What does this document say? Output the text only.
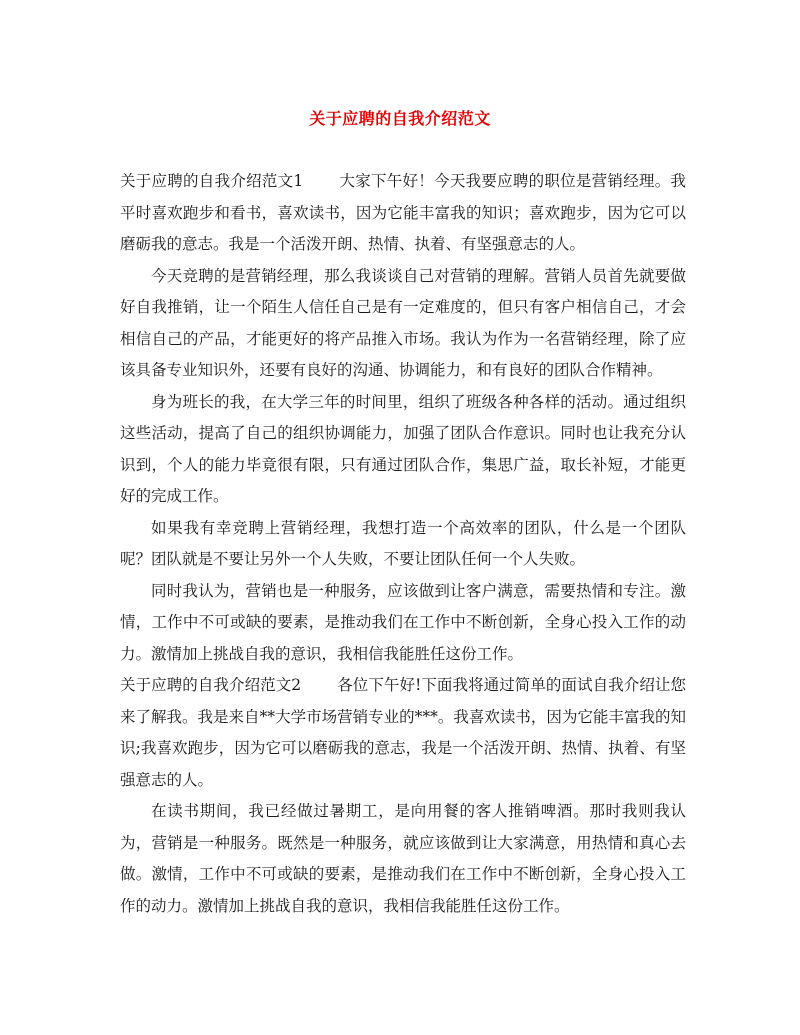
关于应聘的自我介绍范文

关于应聘的自我介绍范文1 大家下午好！今天我要应聘的职位是营销经理。我平时喜欢跑步和看书，喜欢读书，因为它能丰富我的知识；喜欢跑步，因为它可以磨砺我的意志。我是一个活泼开朗、热情、执着、有坚强意志的人。

今天竞聘的是营销经理，那么我谈谈自己对营销的理解。营销人员首先就要做好自我推销，让一个陌生人信任自己是有一定难度的，但只有客户相信自己，才会相信自己的产品，才能更好的将产品推入市场。我认为作为一名营销经理，除了应该具备专业知识外，还要有良好的沟通、协调能力，和有良好的团队合作精神。

身为班长的我，在大学三年的时间里，组织了班级各种各样的活动。通过组织这些活动，提高了自己的组织协调能力，加强了团队合作意识。同时也让我充分认识到，个人的能力毕竟很有限，只有通过团队合作，集思广益，取长补短，才能更好的完成工作。

如果我有幸竞聘上营销经理，我想打造一个高效率的团队，什么是一个团队呢？团队就是不要让另外一个人失败，不要让团队任何一个人失败。

同时我认为，营销也是一种服务，应该做到让客户满意，需要热情和专注。激情，工作中不可或缺的要素，是推动我们在工作中不断创新，全身心投入工作的动力。激情加上挑战自我的意识，我相信我能胜任这份工作。

关于应聘的自我介绍范文2 各位下午好!下面我将通过简单的面试自我介绍让您来了解我。我是来自**大学市场营销专业的***。我喜欢读书，因为它能丰富我的知识;我喜欢跑步，因为它可以磨砺我的意志，我是一个活泼开朗、热情、执着、有坚强意志的人。

在读书期间，我已经做过暑期工，是向用餐的客人推销啤酒。那时我则我认为，营销是一种服务。既然是一种服务，就应该做到让大家满意，用热情和真心去做。激情，工作中不可或缺的要素，是推动我们在工作中不断创新，全身心投入工作的动力。激情加上挑战自我的意识，我相信我能胜任这份工作。
